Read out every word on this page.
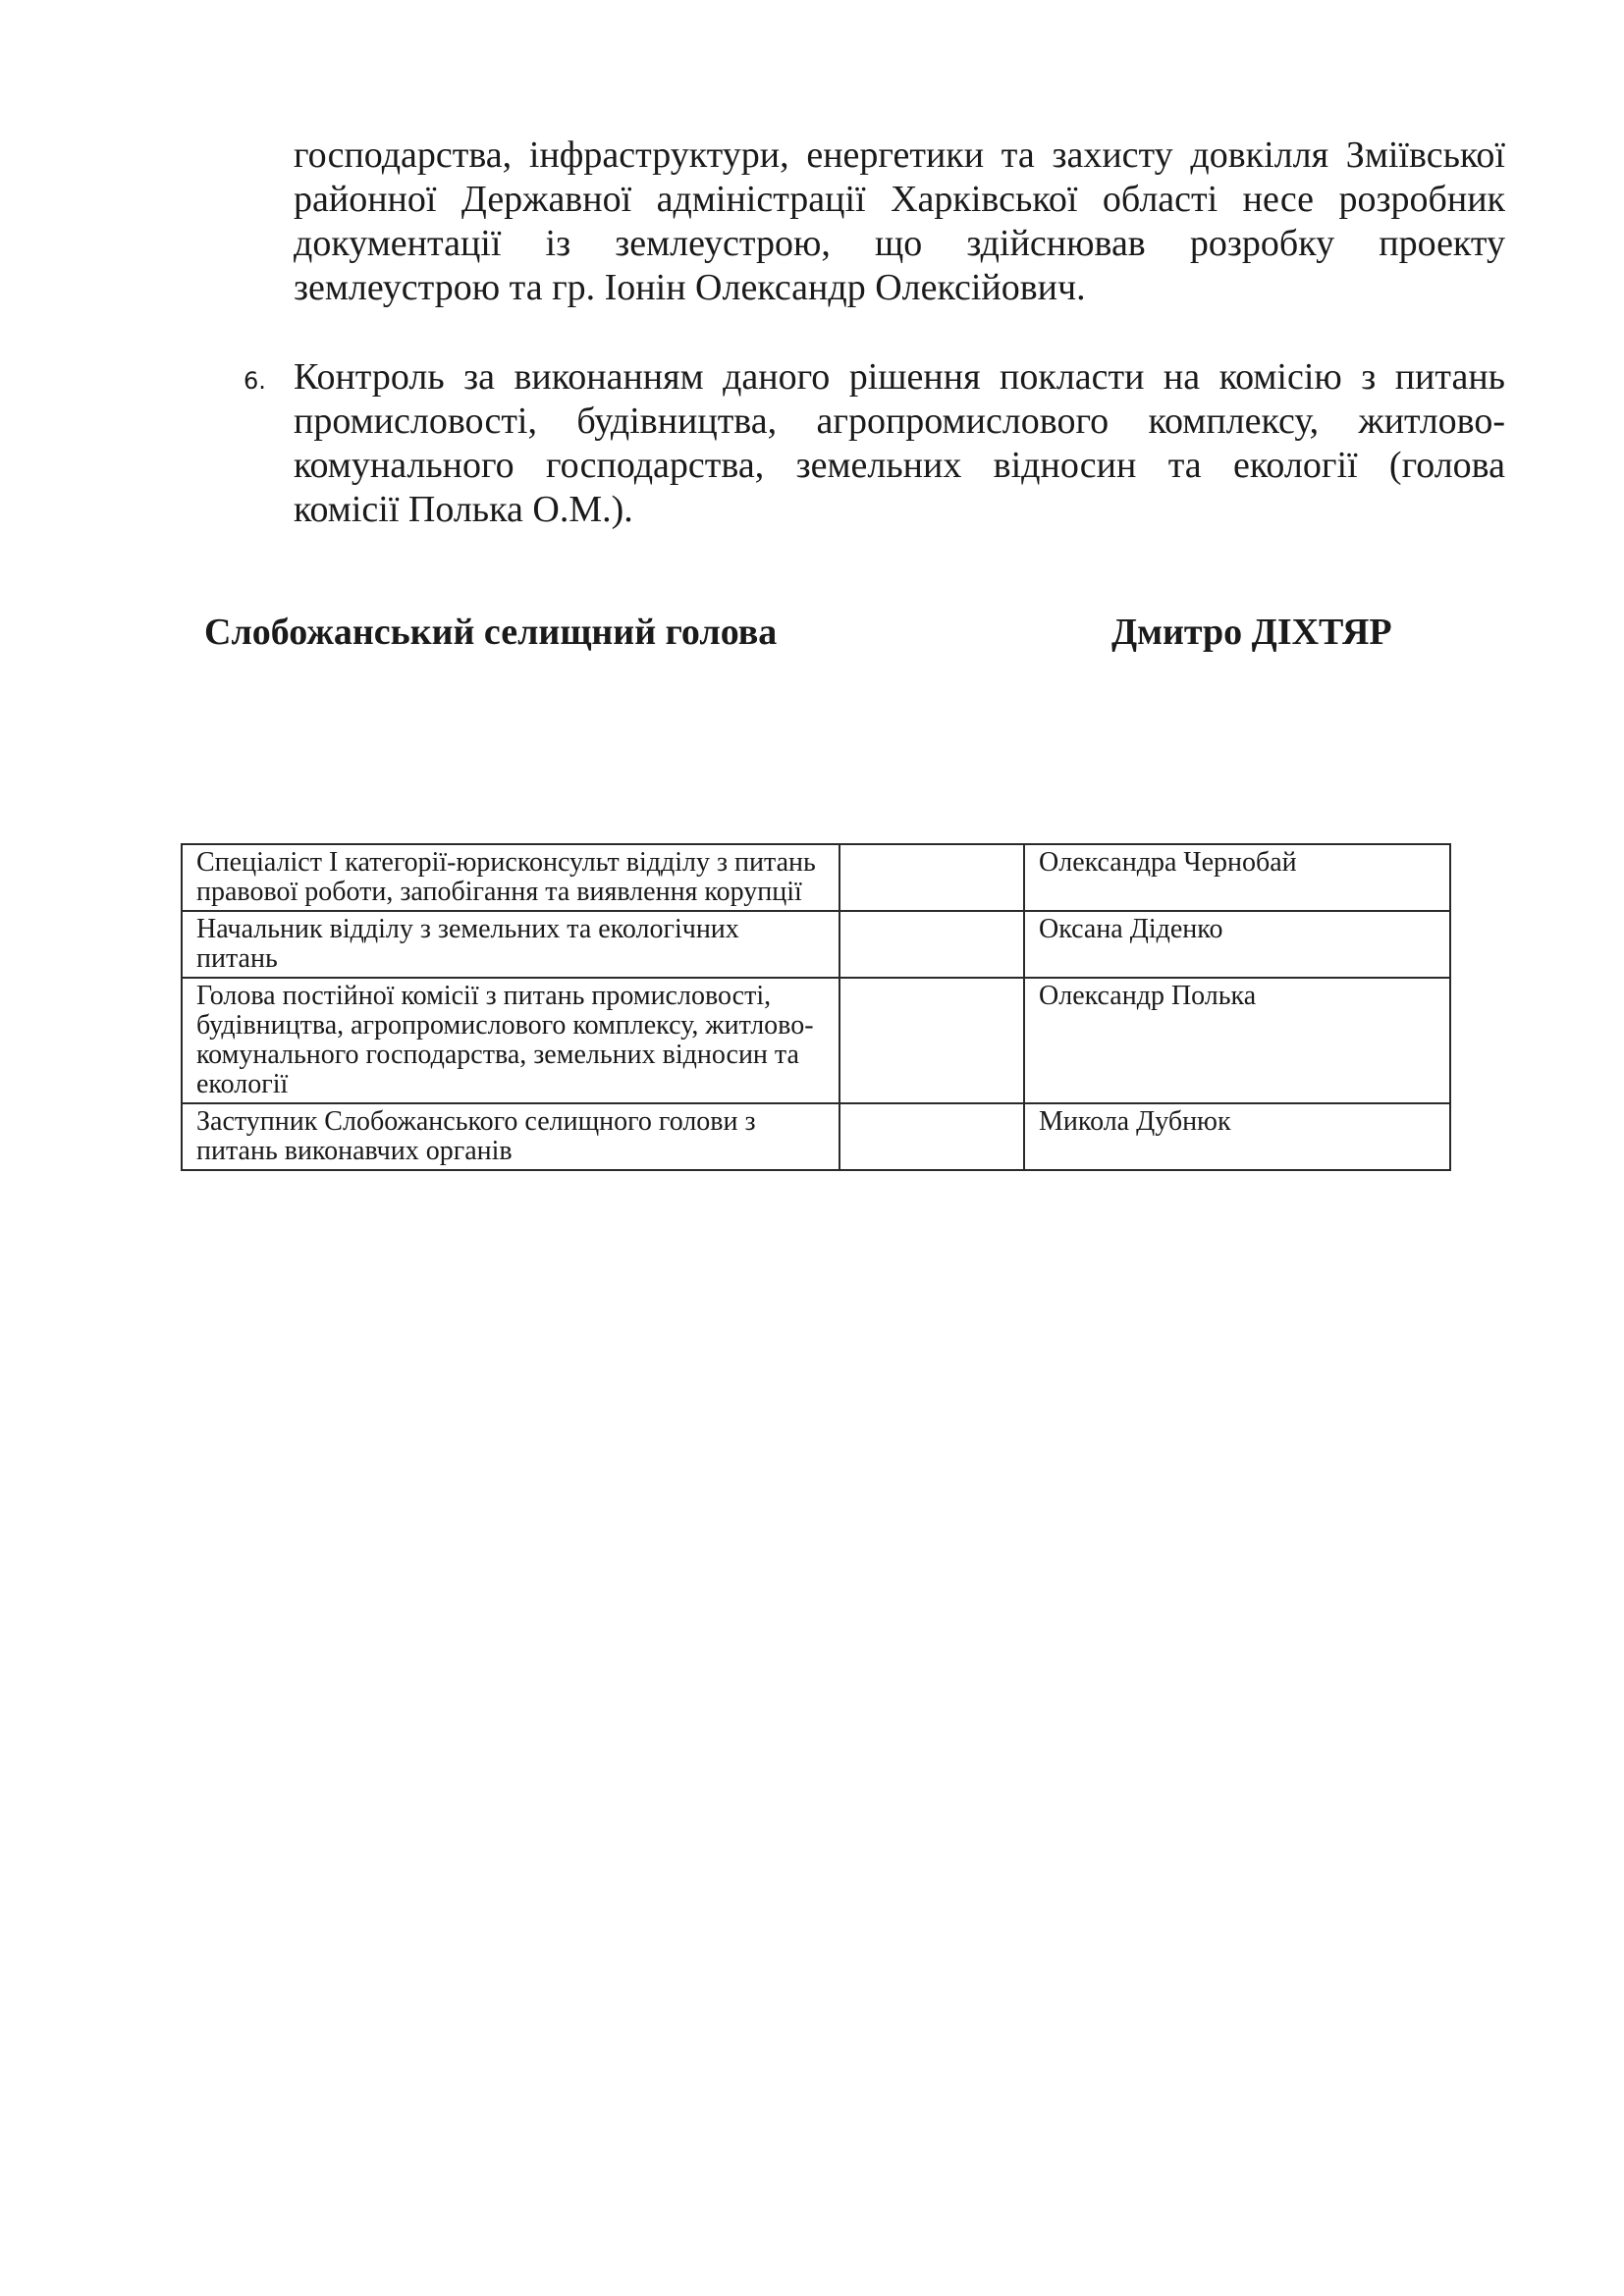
господарства, інфраструктури, енергетики та захисту довкілля Зміївської
районної Державної адміністрації Харківської області несе розробник
документації із землеустрою, що здійснював розробку проекту
землеустрою та гр. Іонін Олександр Олексійович.
6. Контроль за виконанням даного рішення покласти на комісію з питань
промисловості, будівництва, агропромислового комплексу, житлово-
комунального господарства, земельних відносин та екології (голова
комісії Полька О.М.).
Слобожанський селищний голова	Дмитро ДІХТЯР
Спеціаліст І категорії-юрисконсульт відділу з питань правової роботи, запобігання та виявлення корупції		Олександра Чернобай
Начальник відділу з земельних та екологічних питань		Оксана Діденко
Голова постійної комісії з питань промисловості, будівництва, агропромислового комплексу, житлово-комунального господарства, земельних відносин та екології		Олександр Полька
Заступник Слобожанського селищного голови з питань виконавчих органів		Микола Дубнюк
